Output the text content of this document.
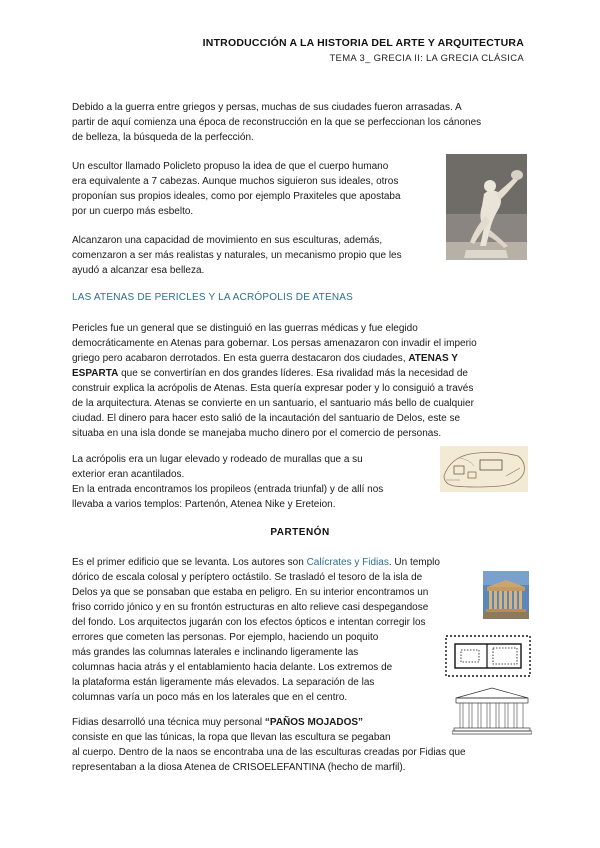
INTRODUCCIÓN A LA HISTORIA DEL ARTE Y ARQUITECTURA
TEMA 3_ GRECIA II: LA GRECIA CLÁSICA
Debido a la guerra entre griegos y persas, muchas de sus ciudades fueron arrasadas. A
partir de aquí comienza una época de reconstrucción en la que se perfeccionan los cánones
de belleza, la búsqueda de la perfección.
Un escultor llamado Policleto propuso la idea de que el cuerpo humano
era equivalente a 7 cabezas. Aunque muchos siguieron sus ideales, otros
proponían sus propios ideales, como por ejemplo Praxiteles que apostaba
por un cuerpo más esbelto.
Alcanzaron una capacidad de movimiento en sus esculturas, además,
comenzaron a ser más realistas y naturales, un mecanismo propio que les
ayudó a alcanzar esa belleza.
LAS ATENAS DE PERICLES Y LA ACRÓPOLIS DE ATENAS
Pericles fue un general que se distinguió en las guerras médicas y fue elegido
democráticamente en Atenas para gobernar. Los persas amenazaron con invadir el imperio
griego pero acabaron derrotados. En esta guerra destacaron dos ciudades, ATENAS Y
ESPARTA que se convertirían en dos grandes líderes. Esa rivalidad más la necesidad de
construir explica la acrópolis de Atenas. Esta quería expresar poder y lo consiguió a través
de la arquitectura. Atenas se convierte en un santuario, el santuario más bello de cualquier
ciudad. El dinero para hacer esto salió de la incautación del santuario de Delos, este se
situaba en una isla donde se manejaba mucho dinero por el comercio de personas.
La acrópolis era un lugar elevado y rodeado de murallas que a su
exterior eran acantilados.
En la entrada encontramos los propileos (entrada triunfal) y de allí nos
llevaba a varios templos: Partenón, Atenea Nike y Ereteion.
PARTENÓN
Es el primer edificio que se levanta. Los autores son Calícrates y Fidias. Un templo
dórico de escala colosal y períptero octástilo. Se trasladó el tesoro de la isla de
Delos ya que se ponsaban que estaba en peligro. En su interior encontramos un
friso corrido jónico y en su frontón estructuras en alto relieve casi despegandose
del fondo. Los arquitectos jugarán con los efectos ópticos e intentan corregir los
errores que cometen las personas. Por ejemplo, haciendo un poquito
más grandes las columnas laterales e inclinando ligeramente las
columnas hacia atrás y el entablamiento hacia delante. Los extremos de
la plataforma están ligeramente más elevados. La separación de las
columnas varía un poco más en los laterales que en el centro.
Fidias desarrolló una técnica muy personal “PAÑOS MOJADOS”
consiste en que las túnicas, la ropa que llevan las escultura se pegaban
al cuerpo. Dentro de la naos se encontraba una de las esculturas creadas por Fidias que
representaban a la diosa Atenea de CRISOELEFANTINA (hecho de marfil).
